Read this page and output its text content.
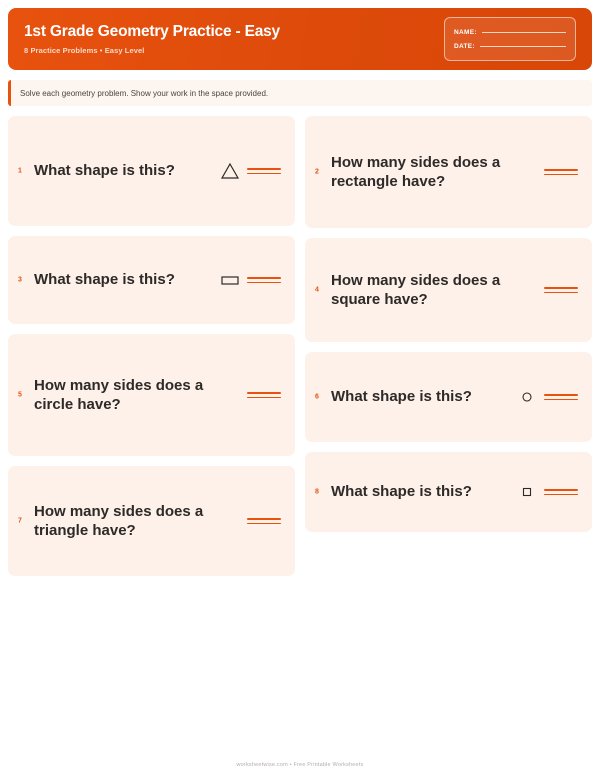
1st Grade Geometry Practice - Easy
8 Practice Problems • Easy Level
NAME:
DATE:
Solve each geometry problem. Show your work in the space provided.
1 What shape is this?
3 What shape is this?
5
How many sides does a circle have?
7
How many sides does a triangle have?
2
How many sides does a rectangle have?
4
How many sides does a square have?
6 What shape is this?
8 What shape is this?
worksheetwise.com • Free Printable Worksheets
